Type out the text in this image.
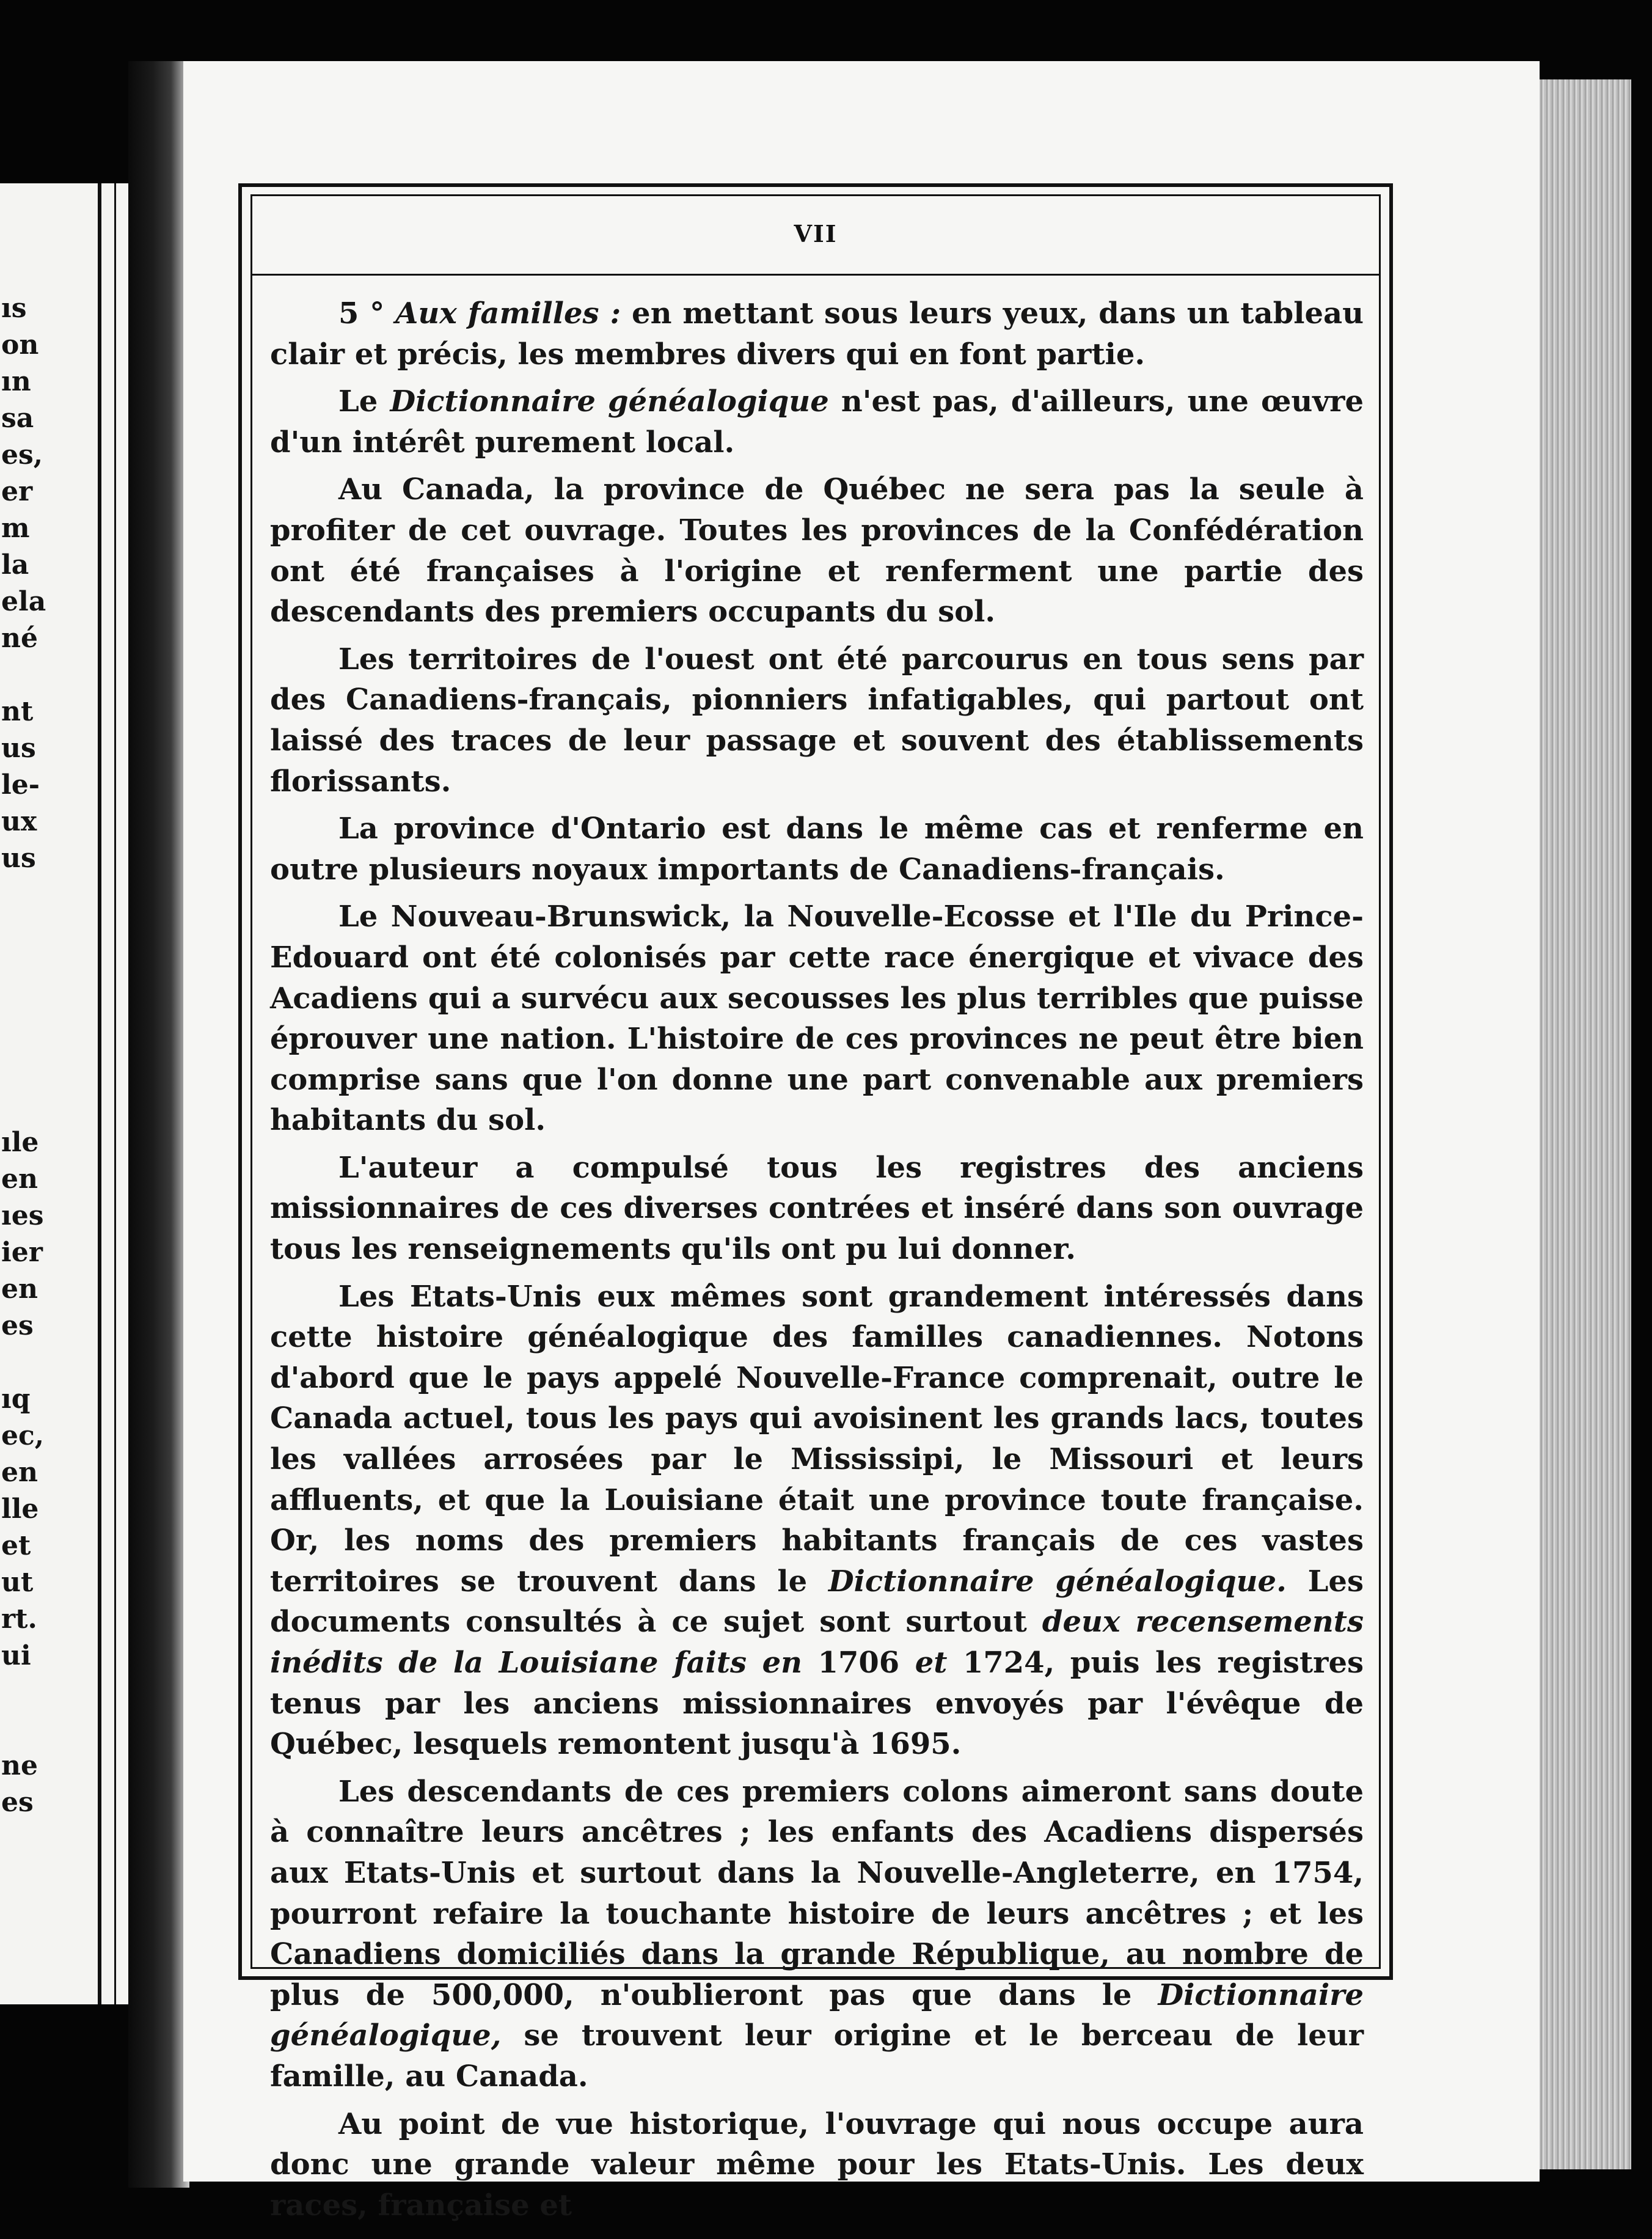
ıs
on
ın
sa
es,
er
m
la
ela
né

nt
us
le-
ux
us
ıle
en
ıes
ier
en
es

ıq
ec,
en
lle
et
ut
rt.
ui

ne
es
VII

5 ° Aux familles : en mettant sous leurs yeux, dans un tableau clair et précis, les membres divers qui en font partie.

Le Dictionnaire généalogique n'est pas, d'ailleurs, une œuvre d'un intérêt purement local.

Au Canada, la province de Québec ne sera pas la seule à profiter de cet ouvrage. Toutes les provinces de la Confédération ont été françaises à l'origine et renferment une partie des descendants des premiers occupants du sol.

Les territoires de l'ouest ont été parcourus en tous sens par des Canadiens-français, pionniers infatigables, qui partout ont laissé des traces de leur passage et souvent des établissements florissants.

La province d'Ontario est dans le même cas et renferme en outre plusieurs noyaux importants de Canadiens-français.

Le Nouveau-Brunswick, la Nouvelle-Ecosse et l'Ile du Prince-Edouard ont été colonisés par cette race énergique et vivace des Acadiens qui a survécu aux secousses les plus terribles que puisse éprouver une nation. L'histoire de ces provinces ne peut être bien comprise sans que l'on donne une part convenable aux premiers habitants du sol.

L'auteur a compulsé tous les registres des anciens missionnaires de ces diverses contrées et inséré dans son ouvrage tous les renseignements qu'ils ont pu lui donner.

Les Etats-Unis eux mêmes sont grandement intéressés dans cette histoire généalogique des familles canadiennes. Notons d'abord que le pays appelé Nouvelle-France comprenait, outre le Canada actuel, tous les pays qui avoisinent les grands lacs, toutes les vallées arrosées par le Mississipi, le Missouri et leurs affluents, et que la Louisiane était une province toute française. Or, les noms des premiers habitants français de ces vastes territoires se trouvent dans le Dictionnaire généalogique. Les documents consultés à ce sujet sont surtout deux recensements inédits de la Louisiane faits en 1706 et 1724, puis les registres tenus par les anciens missionnaires envoyés par l'évêque de Québec, lesquels remontent jusqu'à 1695.

Les descendants de ces premiers colons aimeront sans doute à connaître leurs ancêtres ; les enfants des Acadiens dispersés aux Etats-Unis et surtout dans la Nouvelle-Angleterre, en 1754, pourront refaire la touchante histoire de leurs ancêtres ; et les Canadiens domiciliés dans la grande République, au nombre de plus de 500,000, n'oublieront pas que dans le Dictionnaire généalogique, se trouvent leur origine et le berceau de leur famille, au Canada.

Au point de vue historique, l'ouvrage qui nous occupe aura donc une grande valeur même pour les Etats-Unis. Les deux races, française et
